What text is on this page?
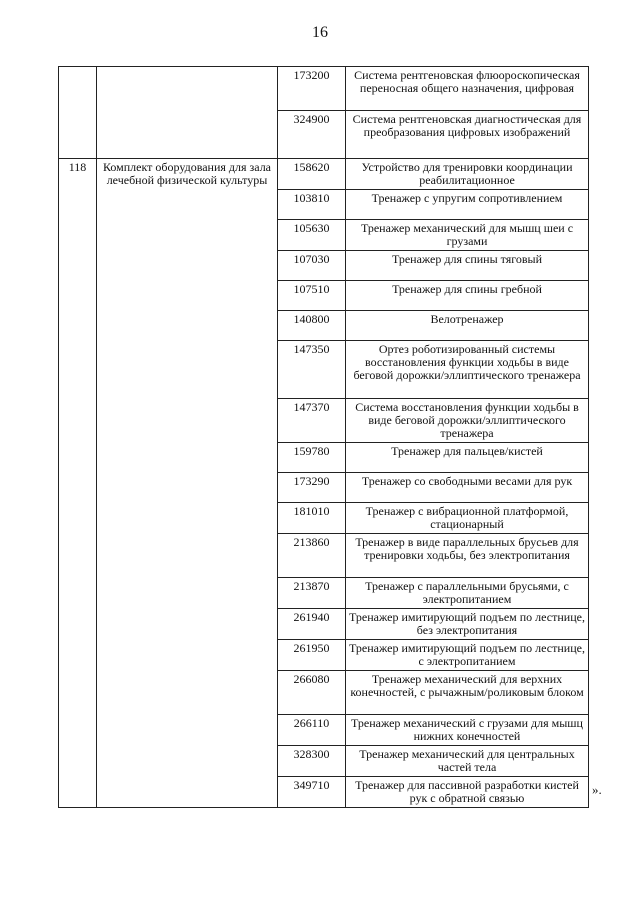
16
		173200	Система рентгеновская флюороскопическая переносная общего назначения, цифровая
		324900	Система рентгеновская диагностическая для преобразования цифровых изображений
118	Комплект оборудования для зала лечебной физической культуры	158620	Устройство для тренировки координации реабилитационное
		103810	Тренажер с упругим сопротивлением
		105630	Тренажер механический для мышц шеи с грузами
		107030	Тренажер для спины тяговый
		107510	Тренажер для спины гребной
		140800	Велотренажер
		147350	Ортез роботизированный системы восстановления функции ходьбы в виде беговой дорожки/эллиптического тренажера
		147370	Система восстановления функции ходьбы в виде беговой дорожки/эллиптического тренажера
		159780	Тренажер для пальцев/кистей
		173290	Тренажер со свободными весами для рук
		181010	Тренажер с вибрационной платформой, стационарный
		213860	Тренажер в виде параллельных брусьев для тренировки ходьбы, без электропитания
		213870	Тренажер с параллельными брусьями, с электропитанием
		261940	Тренажер имитирующий подъем по лестнице, без электропитания
		261950	Тренажер имитирующий подъем по лестнице, с электропитанием
		266080	Тренажер механический для верхних конечностей, с рычажным/роликовым блоком
		266110	Тренажер механический с грузами для мышц нижних конечностей
		328300	Тренажер механический для центральных частей тела
		349710	Тренажер для пассивной разработки кистей рук с обратной связью
».
